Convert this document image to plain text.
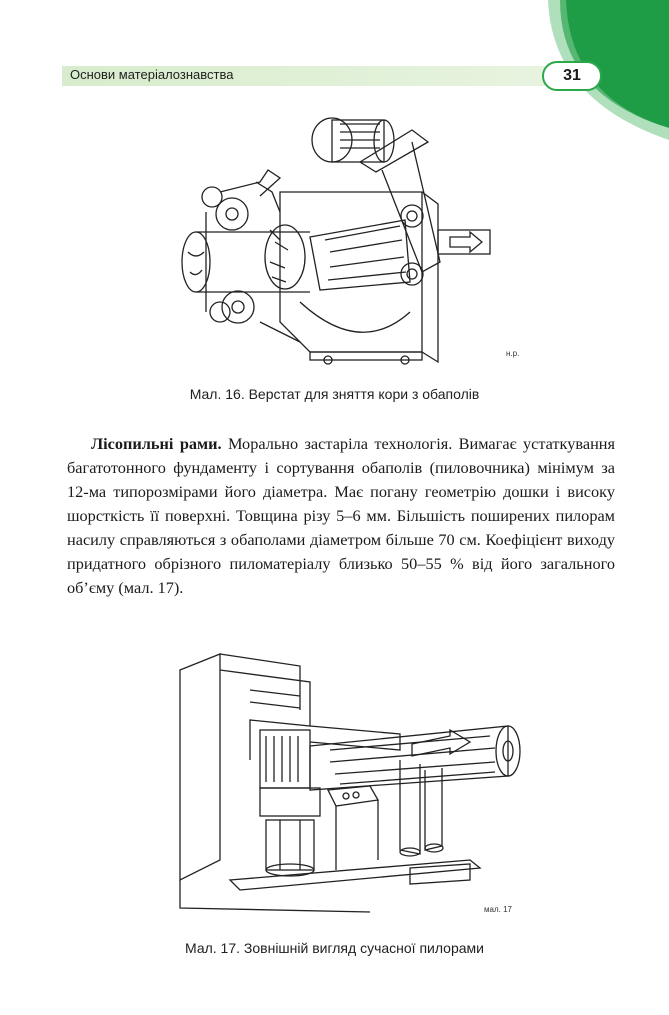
Основи матеріалознавства	31
н.р.
Мал. 16. Верстат для зняття кори з обаполів
Лісопильні рами. Морально застаріла технологія. Вимагає устаткування багатотонного фундаменту і сортування обаполів (пиловочника) мінімум за 12-ма типорозмірами його діаметра. Має погану геометрію дошки і високу шорсткість її поверхні. Товщина різу 5–6 мм. Більшість поширених пилорам насилу справляються з обаполами діаметром більше 70 см. Коефіцієнт виходу придатного обрізного пиломатеріалу близько 50–55 % від його загального об’єму (мал. 17).
мал. 17
Мал. 17. Зовнішній вигляд сучасної пилорами
